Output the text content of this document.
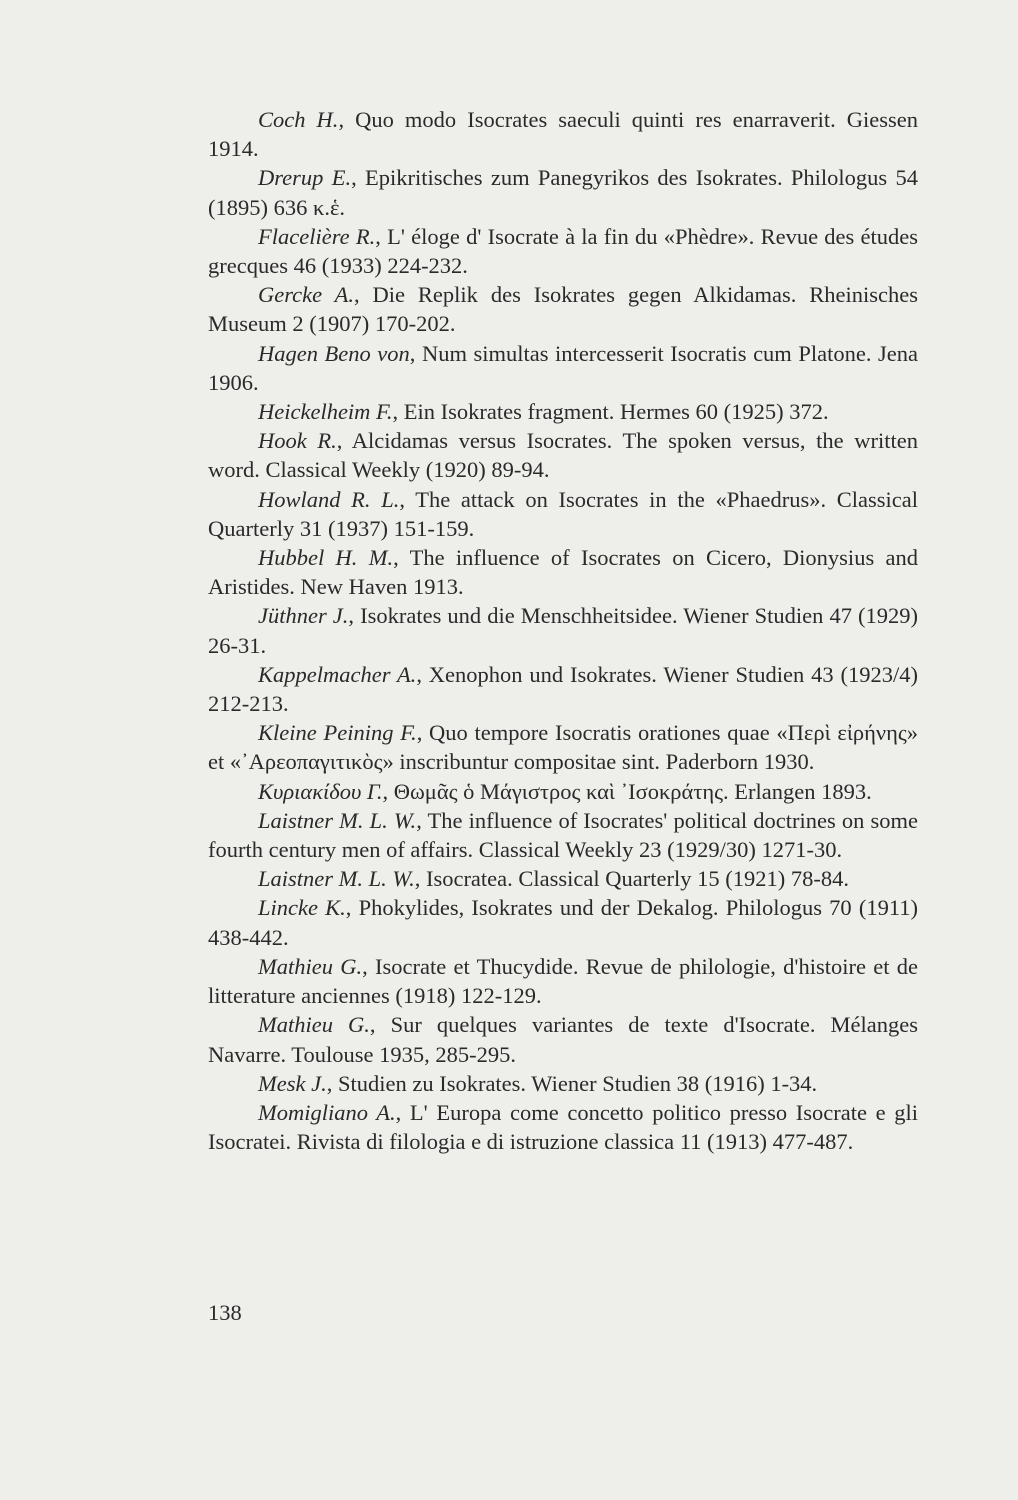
Coch H., Quo modo Isocrates saeculi quinti res enarraverit. Giessen 1914.

Drerup E., Epikritisches zum Panegyrikos des Isokrates. Philologus 54 (1895) 636 κ.ἑ.

Flacelière R., L' éloge d' Isocrate à la fin du «Phèdre». Revue des études grecques 46 (1933) 224-232.

Gercke A., Die Replik des Isokrates gegen Alkidamas. Rheinisches Museum 2 (1907) 170-202.

Hagen Beno von, Num simultas intercesserit Isocratis cum Platone. Jena 1906.

Heickelheim F., Ein Isokrates fragment. Hermes 60 (1925) 372.

Hook R., Alcidamas versus Isocrates. The spoken versus, the written word. Classical Weekly (1920) 89-94.

Howland R. L., The attack on Isocrates in the «Phaedrus». Classical Quarterly 31 (1937) 151-159.

Hubbel H. M., The influence of Isocrates on Cicero, Dionysius and Aristides. New Haven 1913.

Jüthner J., Isokrates und die Menschheitsidee. Wiener Studien 47 (1929) 26-31.

Kappelmacher A., Xenophon und Isokrates. Wiener Studien 43 (1923/4) 212-213.

Kleine Peining F., Quo tempore Isocratis orationes quae «Περὶ εἰρήνης» et «᾿Αρεοπαγιτικὸς» inscribuntur compositae sint. Paderborn 1930.

Κυριακίδου Γ., Θωμᾶς ὁ Μάγιστρος καὶ ᾿Ισοκράτης. Erlangen 1893.

Laistner M. L. W., The influence of Isocrates' political doctrines on some fourth century men of affairs. Classical Weekly 23 (1929/30) 1271-30.

Laistner M. L. W., Isocratea. Classical Quarterly 15 (1921) 78-84.

Lincke K., Phokylides, Isokrates und der Dekalog. Philologus 70 (1911) 438-442.

Mathieu G., Isocrate et Thucydide. Revue de philologie, d'histoire et de litterature anciennes (1918) 122-129.

Mathieu G., Sur quelques variantes de texte d'Isocrate. Mélanges Navarre. Toulouse 1935, 285-295.

Mesk J., Studien zu Isokrates. Wiener Studien 38 (1916) 1-34.

Momigliano A., L' Europa come concetto politico presso Isocrate e gli Isocratei. Rivista di filologia e di istruzione classica 11 (1913) 477-487.

138
